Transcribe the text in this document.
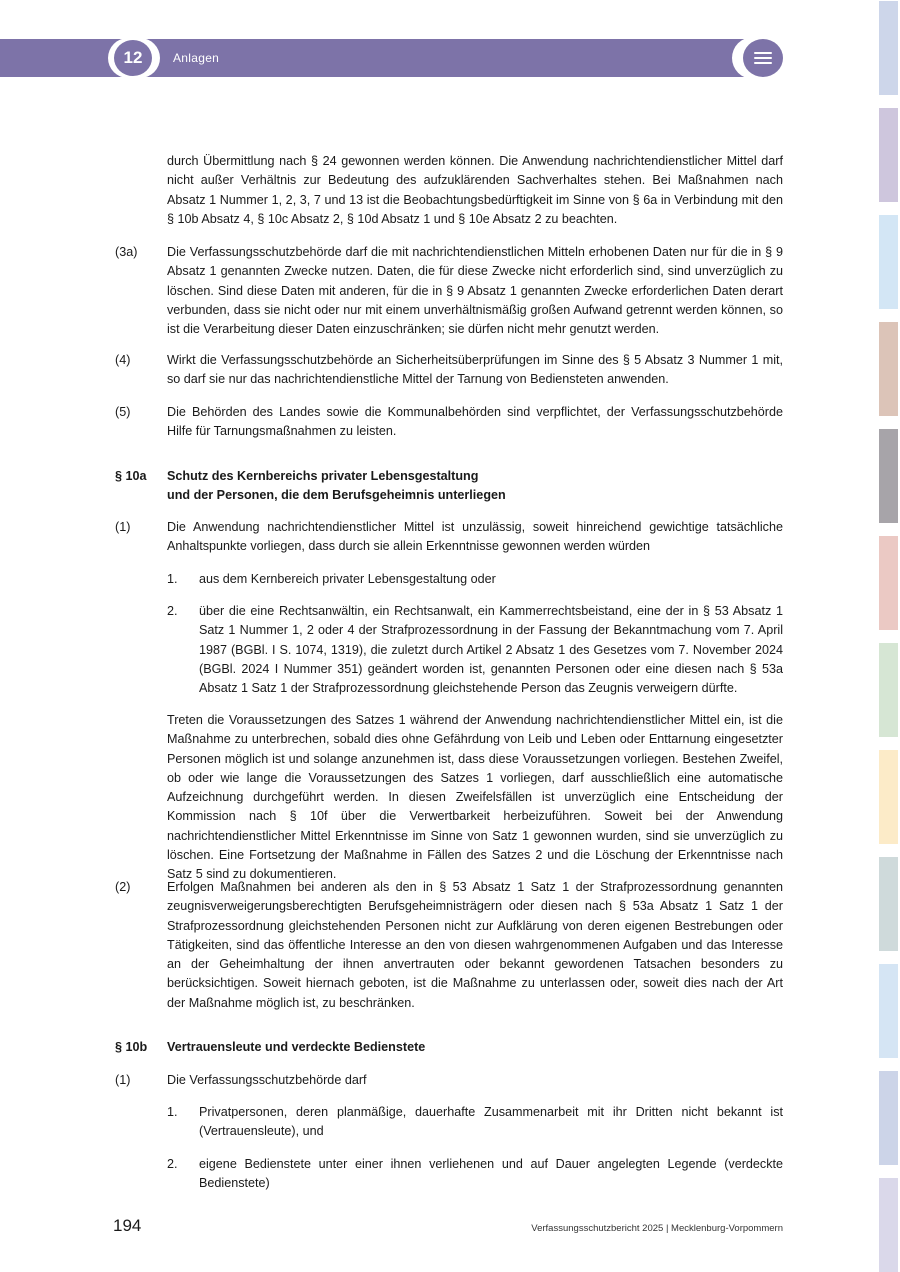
12	Anlagen
durch Übermittlung nach § 24 gewonnen werden können. Die Anwendung nachrichtendienstlicher Mittel darf nicht außer Verhältnis zur Bedeutung des aufzuklärenden Sachverhaltes stehen. Bei Maßnahmen nach Absatz 1 Nummer 1, 2, 3, 7 und 13 ist die Beobachtungsbedürftigkeit im Sinne von § 6a in Verbindung mit den § 10b Absatz 4, § 10c Absatz 2, § 10d Absatz 1 und § 10e Absatz 2 zu beachten.
(3a) Die Verfassungsschutzbehörde darf die mit nachrichtendienstlichen Mitteln erhobenen Daten nur für die in § 9 Absatz 1 genannten Zwecke nutzen. Daten, die für diese Zwecke nicht erforderlich sind, sind unverzüglich zu löschen. Sind diese Daten mit anderen, für die in § 9 Absatz 1 genannten Zwecke erforderlichen Daten derart verbunden, dass sie nicht oder nur mit einem unverhältnismäßig großen Aufwand getrennt werden können, so ist die Verarbeitung dieser Daten einzuschränken; sie dürfen nicht mehr genutzt werden.
(4)	Wirkt die Verfassungsschutzbehörde an Sicherheitsüberprüfungen im Sinne des § 5 Absatz 3 Nummer 1 mit, so darf sie nur das nachrichtendienstliche Mittel der Tarnung von Bediensteten anwenden.
(5)	Die Behörden des Landes sowie die Kommunalbehörden sind verpflichtet, der Verfassungsschutzbehörde Hilfe für Tarnungsmaßnahmen zu leisten.
§ 10a Schutz des Kernbereichs privater Lebensgestaltung
und der Personen, die dem Berufsgeheimnis unterliegen
(1)	Die Anwendung nachrichtendienstlicher Mittel ist unzulässig, soweit hinreichend gewichtige tatsächliche Anhaltspunkte vorliegen, dass durch sie allein Erkenntnisse gewonnen werden würden
1. aus dem Kernbereich privater Lebensgestaltung oder
2. über die eine Rechtsanwältin, ein Rechtsanwalt, ein Kammerrechtsbeistand, eine der in § 53 Absatz 1 Satz 1 Nummer 1, 2 oder 4 der Strafprozessordnung in der Fassung der Bekanntmachung vom 7. April 1987 (BGBl. I S. 1074, 1319), die zuletzt durch Artikel 2 Absatz 1 des Gesetzes vom 7. November 2024 (BGBl. 2024 I Nummer 351) geändert worden ist, genannten Personen oder eine diesen nach § 53a Absatz 1 Satz 1 der Strafprozessordnung gleichstehende Person das Zeugnis verweigern dürfte.
Treten die Voraussetzungen des Satzes 1 während der Anwendung nachrichtendienstlicher Mittel ein, ist die Maßnahme zu unterbrechen, sobald dies ohne Gefährdung von Leib und Leben oder Enttarnung eingesetzter Personen möglich ist und solange anzunehmen ist, dass diese Voraussetzungen vorliegen. Bestehen Zweifel, ob oder wie lange die Voraussetzungen des Satzes 1 vorliegen, darf ausschließlich eine automatische Aufzeichnung durchgeführt werden. In diesen Zweifelsfällen ist unverzüglich eine Entscheidung der Kommission nach § 10f über die Verwertbarkeit herbeizuführen. Soweit bei der Anwendung nachrichtendienstlicher Mittel Erkenntnisse im Sinne von Satz 1 gewonnen wurden, sind sie unverzüglich zu löschen. Eine Fortsetzung der Maßnahme in Fällen des Satzes 2 und die Löschung der Erkenntnisse nach Satz 5 sind zu dokumentieren.
(2)	Erfolgen Maßnahmen bei anderen als den in § 53 Absatz 1 Satz 1 der Strafprozessordnung genannten zeugnisverweigerungsberechtigten Berufsgeheimnisträgern oder diesen nach § 53a Absatz 1 Satz 1 der Strafprozessordnung gleichstehenden Personen nicht zur Aufklärung von deren eigenen Bestrebungen oder Tätigkeiten, sind das öffentliche Interesse an den von diesen wahrgenommenen Aufgaben und das Interesse an der Geheimhaltung der ihnen anvertrauten oder bekannt gewordenen Tatsachen besonders zu berücksichtigen. Soweit hiernach geboten, ist die Maßnahme zu unterlassen oder, soweit dies nach der Art der Maßnahme möglich ist, zu beschränken.
§ 10b Vertrauensleute und verdeckte Bedienstete
(1)	Die Verfassungsschutzbehörde darf
1. Privatpersonen, deren planmäßige, dauerhafte Zusammenarbeit mit ihr Dritten nicht bekannt ist (Vertrauensleute), und
2. eigene Bedienstete unter einer ihnen verliehenen und auf Dauer angelegten Legende (verdeckte Bedienstete)
194	Verfassungsschutzbericht 2025 | Mecklenburg-Vorpommern
